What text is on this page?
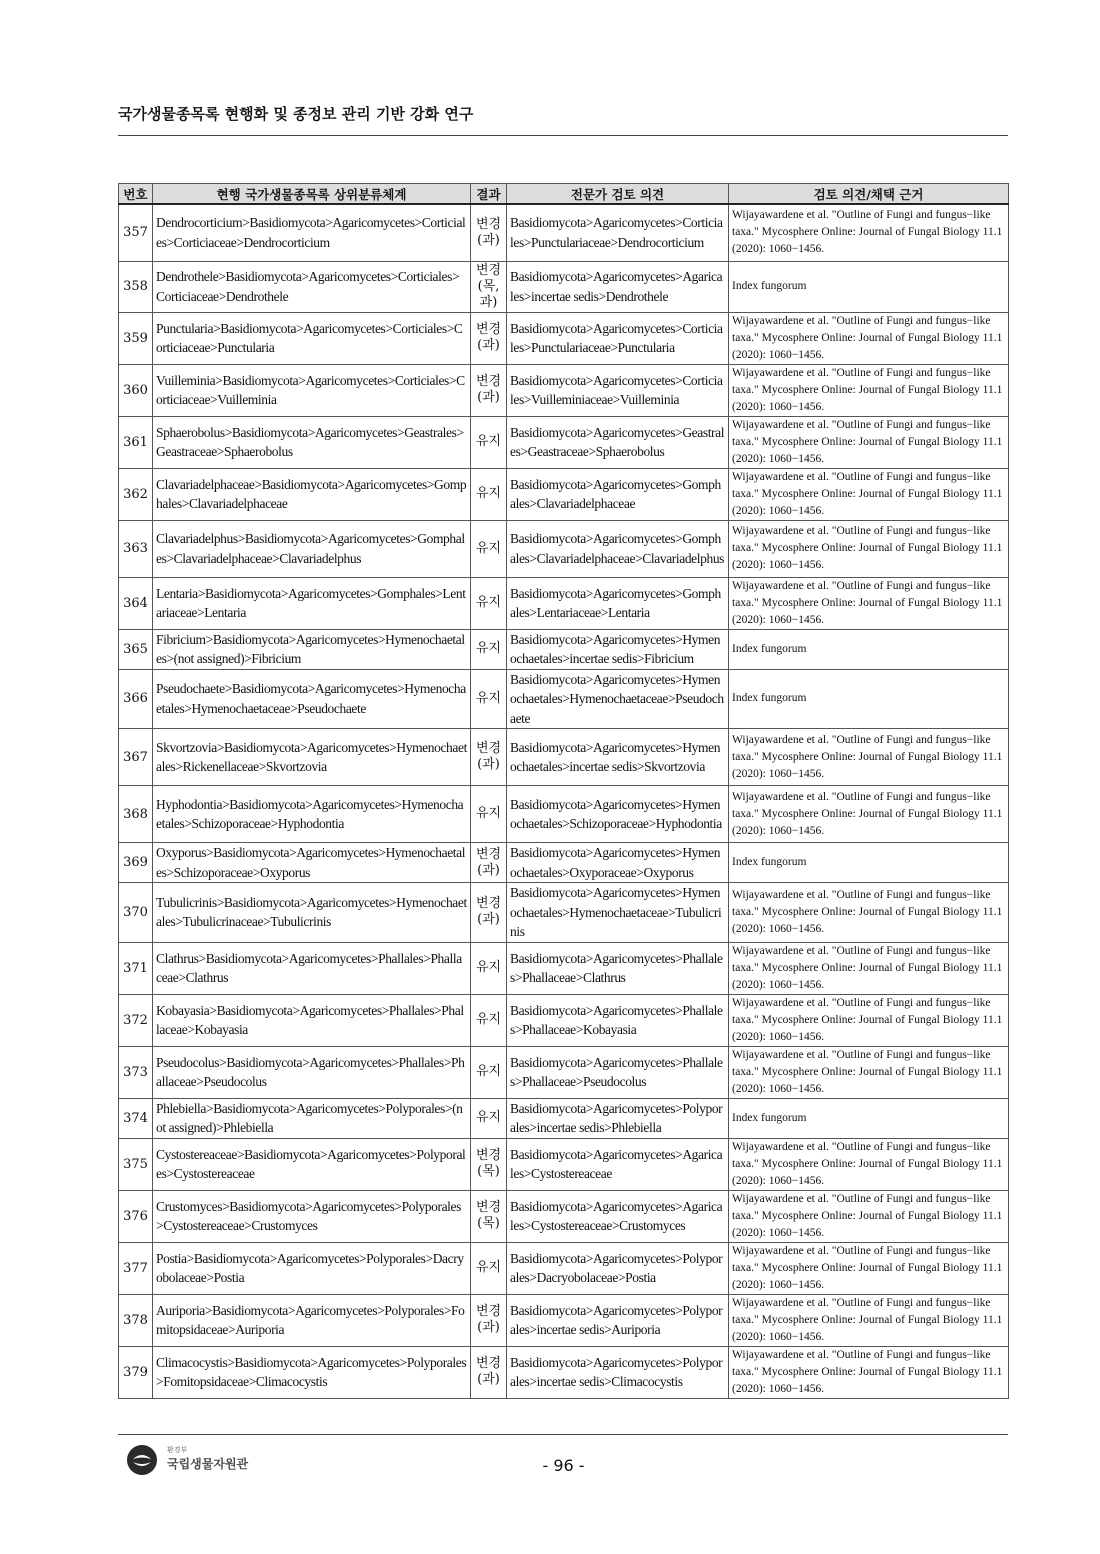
국가생물종목록 현행화 및 종정보 관리 기반 강화 연구
번호	현행 국가생물종목록 상위분류체계	결과	전문가 검토 의견	검토 의견/채택 근거
357	Dendrocorticium>Basidiomycota>Agaricomycetes>Corticiales>Corticiaceae>Dendrocorticium	변경(과)	Basidiomycota>Agaricomycetes>Corticiales>Punctulariaceae>Dendrocorticium	Wijayawardene et al. "Outline of Fungi and fungus−like taxa." Mycosphere Online: Journal of Fungal Biology 11.1 (2020): 1060−1456.
358	Dendrothele>Basidiomycota>Agaricomycetes>Corticiales>Corticiaceae>Dendrothele	변경(목,과)	Basidiomycota>Agaricomycetes>Agaricales>incertae sedis>Dendrothele	Index fungorum
359	Punctularia>Basidiomycota>Agaricomycetes>Corticiales>Corticiaceae>Punctularia	변경(과)	Basidiomycota>Agaricomycetes>Corticiales>Punctulariaceae>Punctularia	Wijayawardene et al. "Outline of Fungi and fungus−like taxa." Mycosphere Online: Journal of Fungal Biology 11.1 (2020): 1060−1456.
360	Vuilleminia>Basidiomycota>Agaricomycetes>Corticiales>Corticiaceae>Vuilleminia	변경(과)	Basidiomycota>Agaricomycetes>Corticiales>Vuilleminiaceae>Vuilleminia	Wijayawardene et al. "Outline of Fungi and fungus−like taxa." Mycosphere Online: Journal of Fungal Biology 11.1 (2020): 1060−1456.
361	Sphaerobolus>Basidiomycota>Agaricomycetes>Geastrales>Geastraceae>Sphaerobolus	유지	Basidiomycota>Agaricomycetes>Geastrales>Geastraceae>Sphaerobolus	Wijayawardene et al. "Outline of Fungi and fungus−like taxa." Mycosphere Online: Journal of Fungal Biology 11.1 (2020): 1060−1456.
362	Clavariadelphaceae>Basidiomycota>Agaricomycetes>Gomphales>Clavariadelphaceae	유지	Basidiomycota>Agaricomycetes>Gomphales>Clavariadelphaceae	Wijayawardene et al. "Outline of Fungi and fungus−like taxa." Mycosphere Online: Journal of Fungal Biology 11.1 (2020): 1060−1456.
363	Clavariadelphus>Basidiomycota>Agaricomycetes>Gomphales>Clavariadelphaceae>Clavariadelphus	유지	Basidiomycota>Agaricomycetes>Gomphales>Clavariadelphaceae>Clavariadelphus	Wijayawardene et al. "Outline of Fungi and fungus−like taxa." Mycosphere Online: Journal of Fungal Biology 11.1 (2020): 1060−1456.
364	Lentaria>Basidiomycota>Agaricomycetes>Gomphales>Lentariaceae>Lentaria	유지	Basidiomycota>Agaricomycetes>Gomphales>Lentariaceae>Lentaria	Wijayawardene et al. "Outline of Fungi and fungus−like taxa." Mycosphere Online: Journal of Fungal Biology 11.1 (2020): 1060−1456.
365	Fibricium>Basidiomycota>Agaricomycetes>Hymenochaetales>(not assigned)>Fibricium	유지	Basidiomycota>Agaricomycetes>Hymenochaetales>incertae sedis>Fibricium	Index fungorum
366	Pseudochaete>Basidiomycota>Agaricomycetes>Hymenochaetales>Hymenochaetaceae>Pseudochaete	유지	Basidiomycota>Agaricomycetes>Hymenochaetales>Hymenochaetaceae>Pseudochaete	Index fungorum
367	Skvortzovia>Basidiomycota>Agaricomycetes>Hymenochaetales>Rickenellaceae>Skvortzovia	변경(과)	Basidiomycota>Agaricomycetes>Hymenochaetales>incertae sedis>Skvortzovia	Wijayawardene et al. "Outline of Fungi and fungus−like taxa." Mycosphere Online: Journal of Fungal Biology 11.1 (2020): 1060−1456.
368	Hyphodontia>Basidiomycota>Agaricomycetes>Hymenochaetales>Schizoporaceae>Hyphodontia	유지	Basidiomycota>Agaricomycetes>Hymenochaetales>Schizoporaceae>Hyphodontia	Wijayawardene et al. "Outline of Fungi and fungus−like taxa." Mycosphere Online: Journal of Fungal Biology 11.1 (2020): 1060−1456.
369	Oxyporus>Basidiomycota>Agaricomycetes>Hymenochaetales>Schizoporaceae>Oxyporus	변경(과)	Basidiomycota>Agaricomycetes>Hymenochaetales>Oxyporaceae>Oxyporus	Index fungorum
370	Tubulicrinis>Basidiomycota>Agaricomycetes>Hymenochaetales>Tubulicrinaceae>Tubulicrinis	변경(과)	Basidiomycota>Agaricomycetes>Hymenochaetales>Hymenochaetaceae>Tubulicrinis	Wijayawardene et al. "Outline of Fungi and fungus−like taxa." Mycosphere Online: Journal of Fungal Biology 11.1 (2020): 1060−1456.
371	Clathrus>Basidiomycota>Agaricomycetes>Phallales>Phallaceae>Clathrus	유지	Basidiomycota>Agaricomycetes>Phallales>Phallaceae>Clathrus	Wijayawardene et al. "Outline of Fungi and fungus−like taxa." Mycosphere Online: Journal of Fungal Biology 11.1 (2020): 1060−1456.
372	Kobayasia>Basidiomycota>Agaricomycetes>Phallales>Phallaceae>Kobayasia	유지	Basidiomycota>Agaricomycetes>Phallales>Phallaceae>Kobayasia	Wijayawardene et al. "Outline of Fungi and fungus−like taxa." Mycosphere Online: Journal of Fungal Biology 11.1 (2020): 1060−1456.
373	Pseudocolus>Basidiomycota>Agaricomycetes>Phallales>Phallaceae>Pseudocolus	유지	Basidiomycota>Agaricomycetes>Phallales>Phallaceae>Pseudocolus	Wijayawardene et al. "Outline of Fungi and fungus−like taxa." Mycosphere Online: Journal of Fungal Biology 11.1 (2020): 1060−1456.
374	Phlebiella>Basidiomycota>Agaricomycetes>Polyporales>(not assigned)>Phlebiella	유지	Basidiomycota>Agaricomycetes>Polyporales>incertae sedis>Phlebiella	Index fungorum
375	Cystostereaceae>Basidiomycota>Agaricomycetes>Polyporales>Cystostereaceae	변경(목)	Basidiomycota>Agaricomycetes>Agaricales>Cystostereaceae	Wijayawardene et al. "Outline of Fungi and fungus−like taxa." Mycosphere Online: Journal of Fungal Biology 11.1 (2020): 1060−1456.
376	Crustomyces>Basidiomycota>Agaricomycetes>Polyporales>Cystostereaceae>Crustomyces	변경(목)	Basidiomycota>Agaricomycetes>Agaricales>Cystostereaceae>Crustomyces	Wijayawardene et al. "Outline of Fungi and fungus−like taxa." Mycosphere Online: Journal of Fungal Biology 11.1 (2020): 1060−1456.
377	Postia>Basidiomycota>Agaricomycetes>Polyporales>Dacryobolaceae>Postia	유지	Basidiomycota>Agaricomycetes>Polyporales>Dacryobolaceae>Postia	Wijayawardene et al. "Outline of Fungi and fungus−like taxa." Mycosphere Online: Journal of Fungal Biology 11.1 (2020): 1060−1456.
378	Auriporia>Basidiomycota>Agaricomycetes>Polyporales>Fomitopsidaceae>Auriporia	변경(과)	Basidiomycota>Agaricomycetes>Polyporales>incertae sedis>Auriporia	Wijayawardene et al. "Outline of Fungi and fungus−like taxa." Mycosphere Online: Journal of Fungal Biology 11.1 (2020): 1060−1456.
379	Climacocystis>Basidiomycota>Agaricomycetes>Polyporales>Fomitopsidaceae>Climacocystis	변경(과)	Basidiomycota>Agaricomycetes>Polyporales>incertae sedis>Climacocystis	Wijayawardene et al. "Outline of Fungi and fungus−like taxa." Mycosphere Online: Journal of Fungal Biology 11.1 (2020): 1060−1456.
환경부
국립생물자원관	- 96 -
